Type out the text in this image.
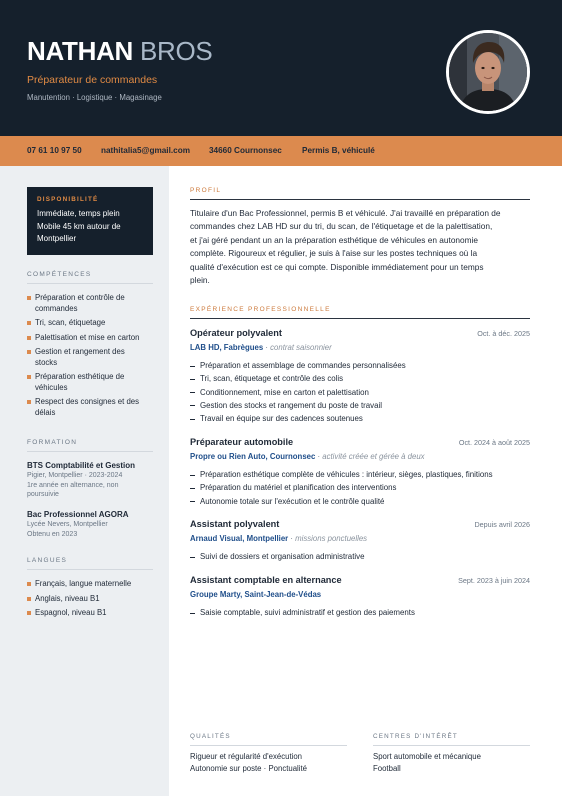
NATHAN BROS
Préparateur de commandes
Manutention · Logistique · Magasinage
07 61 10 97 50 nathitalia5@gmail.com 34660 Cournonsec Permis B, véhiculé
DISPONIBILITÉ
Immédiate, temps plein
Mobile 45 km autour de
Montpellier
COMPÉTENCES
Préparation et contrôle de
commandes
Tri, scan, étiquetage
Palettisation et mise en carton
Gestion et rangement des
stocks
Préparation esthétique de
véhicules
Respect des consignes et des
délais
FORMATION
BTS Comptabilité et Gestion
Pigier, Montpellier · 2023-2024
1re année en alternance, non
poursuivie
Bac Professionnel AGORA
Lycée Nevers, Montpellier
Obtenu en 2023
LANGUES
Français, langue maternelle
Anglais, niveau B1
Espagnol, niveau B1
PROFIL
Titulaire d'un Bac Professionnel, permis B et véhiculé. J'ai travaillé en préparation de
commandes chez LAB HD sur du tri, du scan, de l'étiquetage et de la palettisation,
et j'ai géré pendant un an la préparation esthétique de véhicules en autonomie
complète. Rigoureux et régulier, je suis à l'aise sur les postes techniques où la
qualité d'exécution est ce qui compte. Disponible immédiatement pour un temps
plein.
EXPÉRIENCE PROFESSIONNELLE
Opérateur polyvalent	Oct. à déc. 2025
LAB HD, Fabrègues · contrat saisonnier
Préparation et assemblage de commandes personnalisées
Tri, scan, étiquetage et contrôle des colis
Conditionnement, mise en carton et palettisation
Gestion des stocks et rangement du poste de travail
Travail en équipe sur des cadences soutenues
Préparateur automobile	Oct. 2024 à août 2025
Propre ou Rien Auto, Cournonsec · activité créée et gérée à deux
Préparation esthétique complète de véhicules : intérieur, sièges, plastiques, finitions
Préparation du matériel et planification des interventions
Autonomie totale sur l'exécution et le contrôle qualité
Assistant polyvalent	Depuis avril 2026
Arnaud Visual, Montpellier · missions ponctuelles
Suivi de dossiers et organisation administrative
Assistant comptable en alternance	Sept. 2023 à juin 2024
Groupe Marty, Saint-Jean-de-Védas
Saisie comptable, suivi administratif et gestion des paiements
QUALITÉS
Rigueur et régularité d'exécution
Autonomie sur poste · Ponctualité
CENTRES D'INTÉRÊT
Sport automobile et mécanique
Football
